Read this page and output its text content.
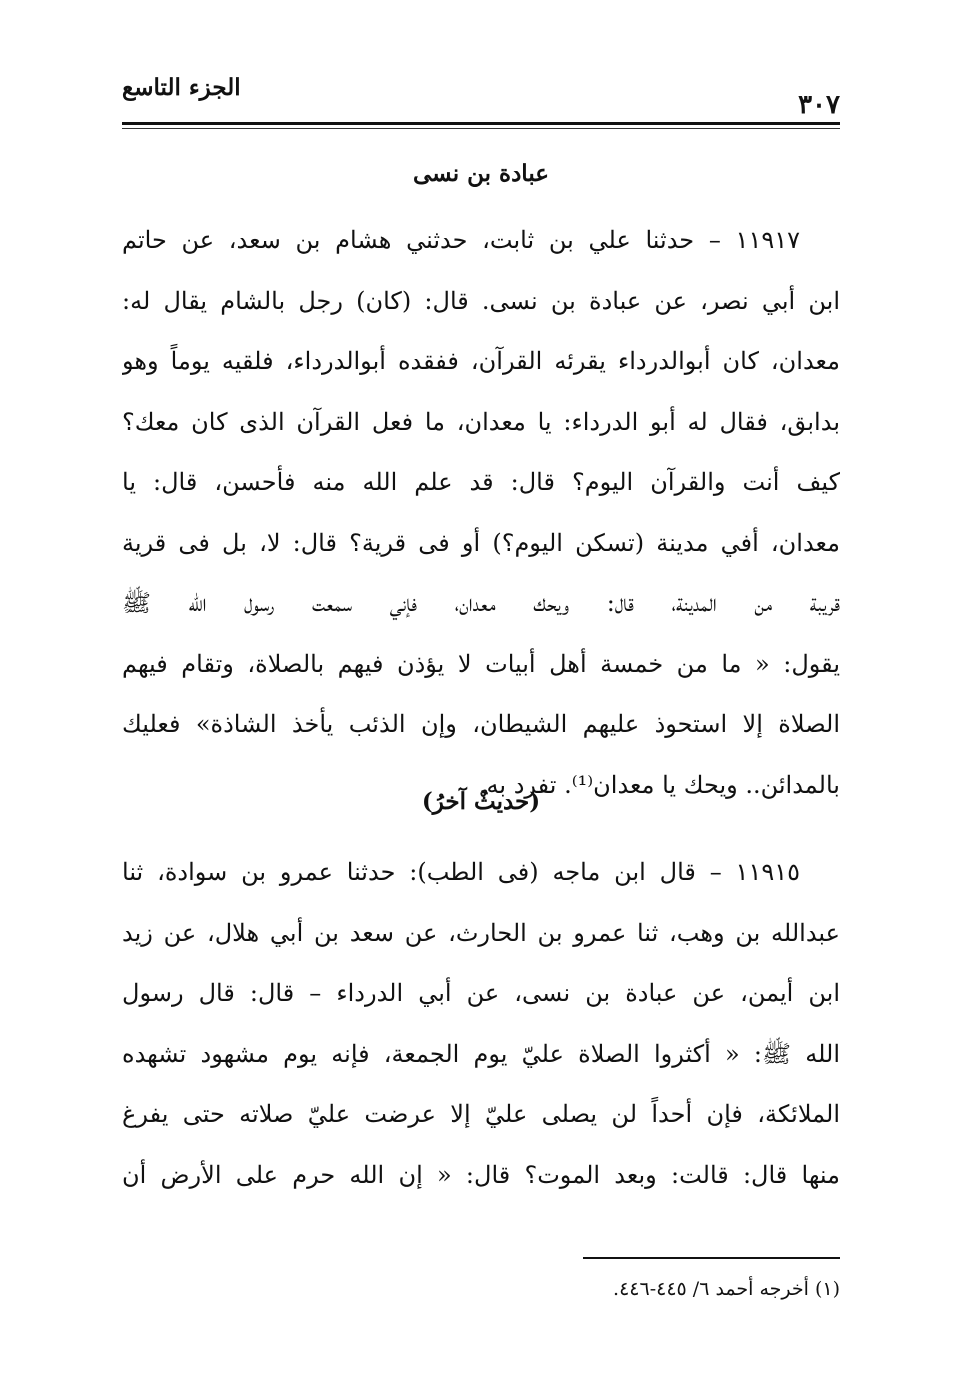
الجزء التاسع
٣٠٧
عبادة بن نسى
١١٩١٧ – حدثنا علي بن ثابت، حدثني هشام بن سعد، عن حاتم
ابن أبي نصر، عن عبادة بن نسى. قال: (كان) رجل بالشام يقال له:
معدان، كان أبوالدرداء يقرئه القرآن، ففقده أبوالدرداء، فلقيه يوماً وهو
بدابق، فقال له أبو الدرداء: يا معدان، ما فعل القرآن الذى كان معك؟
كيف أنت والقرآن اليوم؟ قال: قد علم الله منه فأحسن، قال: يا
معدان، أفي مدينة (تسكن اليوم؟) أو فى قرية؟ قال: لا، بل فى قرية
قريبة من المدينة، قال: ويحك معدان، فإني سمعت رسول الله ﷺ
يقول: « ما من خمسة أهل أبيات لا يؤذن فيهم بالصلاة، وتقام فيهم
الصلاة إلا استحوذ عليهم الشيطان، وإن الذئب يأخذ الشاذة» فعليك
بالمدائن.. ويحك يا معدان⁽¹⁾. تفرد به.
(حديثٌ آخرُ)
١١٩١٥ – قال ابن ماجه (فى الطب): حدثنا عمرو بن سوادة، ثنا
عبدالله بن وهب، ثنا عمرو بن الحارث، عن سعد بن أبي هلال، عن زيد
ابن أيمن، عن عبادة بن نسى، عن أبي الدرداء – قال: قال رسول
الله ﷺ: « أكثروا الصلاة عليّ يوم الجمعة، فإنه يوم مشهود تشهده
الملائكة، فإن أحداً لن يصلى عليّ إلا عرضت عليّ صلاته حتى يفرغ
منها قال: قالت: وبعد الموت؟ قال: « إن الله حرم على الأرض أن
(١) أخرجه أحمد ٦/ ٤٤٥-٤٤٦.
